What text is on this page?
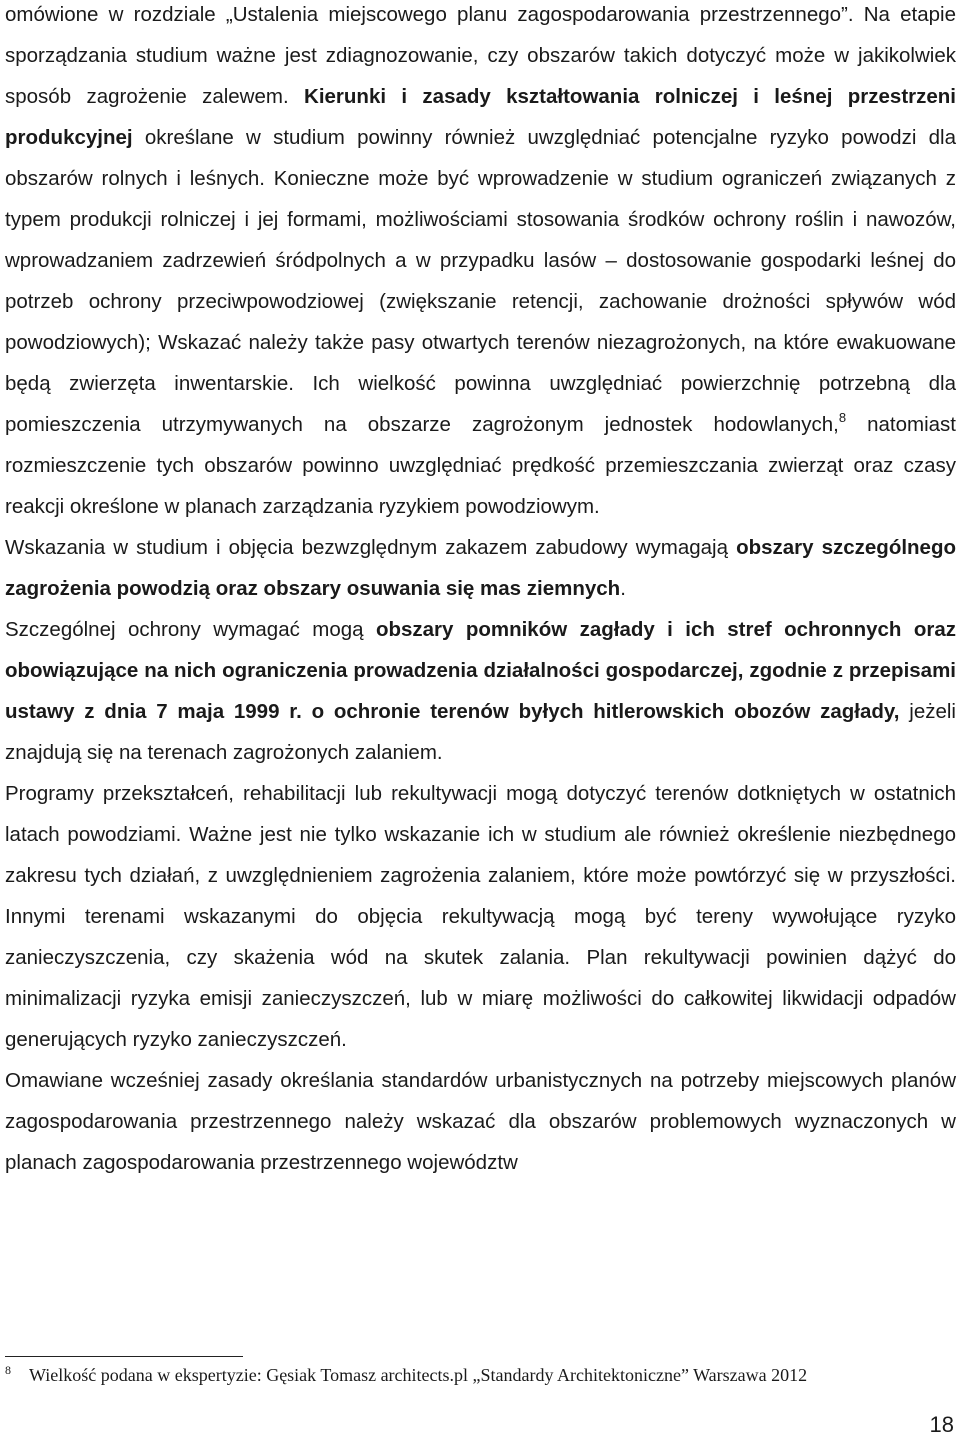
omówione w rozdziale „Ustalenia miejscowego planu zagospodarowania przestrzennego”. Na etapie sporządzania studium ważne jest zdiagnozowanie, czy obszarów takich dotyczyć może w jakikolwiek sposób zagrożenie zalewem. Kierunki i zasady kształtowania rolniczej i leśnej przestrzeni produkcyjnej określane w studium powinny również uwzględniać potencjalne ryzyko powodzi dla obszarów rolnych i leśnych. Konieczne może być wprowadzenie w studium ograniczeń związanych z typem produkcji rolniczej i jej formami, możliwościami stosowania środków ochrony roślin i nawozów, wprowadzaniem zadrzewień śródpolnych a w przypadku lasów – dostosowanie gospodarki leśnej do potrzeb ochrony przeciwpowodziowej (zwiększanie retencji, zachowanie drożności spływów wód powodziowych); Wskazać należy także pasy otwartych terenów niezagrożonych, na które ewakuowane będą zwierzęta inwentarskie. Ich wielkość powinna uwzględniać powierzchnię potrzebną dla pomieszczenia utrzymywanych na obszarze zagrożonym jednostek hodowlanych,$^8$ natomiast rozmieszczenie tych obszarów powinno uwzględniać prędkość przemieszczania zwierząt oraz czasy reakcji określone w planach zarządzania ryzykiem powodziowym.

Wskazania w studium i objęcia bezwzględnym zakazem zabudowy wymagają obszary szczególnego zagrożenia powodzią oraz obszary osuwania się mas ziemnych.

Szczególnej ochrony wymagać mogą obszary pomników zagłady i ich stref ochronnych oraz obowiązujące na nich ograniczenia prowadzenia działalności gospodarczej, zgodnie z przepisami ustawy z dnia 7 maja 1999 r. o ochronie terenów byłych hitlerowskich obozów zagłady, jeżeli znajdują się na terenach zagrożonych zalaniem.

Programy przekształceń, rehabilitacji lub rekultywacji mogą dotyczyć terenów dotkniętych w ostatnich latach powodziami. Ważne jest nie tylko wskazanie ich w studium ale również określenie niezbędnego zakresu tych działań, z uwzględnieniem zagrożenia zalaniem, które może powtórzyć się w przyszłości. Innymi terenami wskazanymi do objęcia rekultywacją mogą być tereny wywołujące ryzyko zanieczyszczenia, czy skażenia wód na skutek zalania. Plan rekultywacji powinien dążyć do minimalizacji ryzyka emisji zanieczyszczeń, lub w miarę możliwości do całkowitej likwidacji odpadów generujących ryzyko zanieczyszczeń.

Omawiane wcześniej zasady określania standardów urbanistycznych na potrzeby miejscowych planów zagospodarowania przestrzennego należy wskazać dla obszarów problemowych wyznaczonych w planach zagospodarowania przestrzennego województw

$^8$ Wielkość podana w ekspertyzie: Gęsiak Tomasz architects.pl „Standardy Architektoniczne” Warszawa 2012
18
